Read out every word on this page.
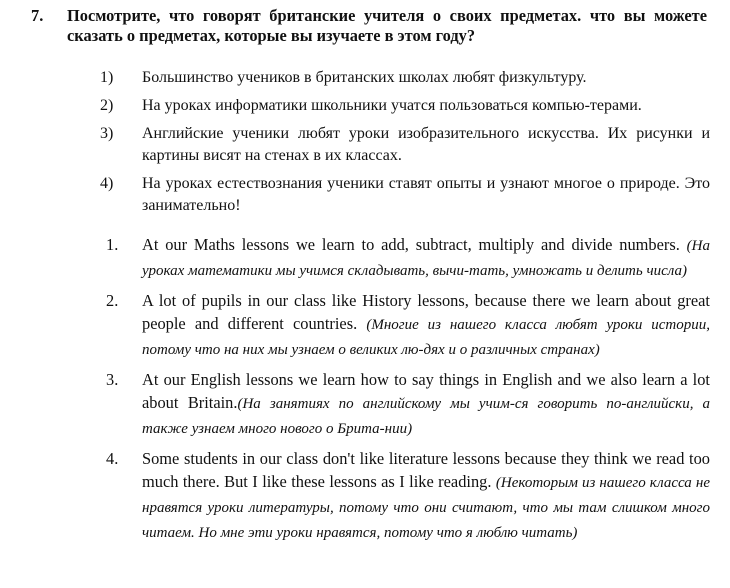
7. Посмотрите, что говорят британские учителя о своих предметах. что вы можете сказать о предметах, которые вы изучаете в этом году?
1) Большинство учеников в британских школах любят физкультуру.
2) На уроках информатики школьники учатся пользоваться компью-терами.
3) Английские ученики любят уроки изобразительного искусства. Их рисунки и картины висят на стенах в их классах.
4) На уроках естествознания ученики ставят опыты и узнают многое о природе. Это занимательно!
1. At our Maths lessons we learn to add, subtract, multiply and divide numbers. (На уроках математики мы учимся складывать, вычи-тать, умножать и делить числа)
2. A lot of pupils in our class like History lessons, because there we learn about great people and different countries. (Многие из нашего класса любят уроки истории, потому что на них мы узнаем о великих лю-дях и о различных странах)
3. At our English lessons we learn how to say things in English and we also learn a lot about Britain.(На занятиях по английскому мы учим-ся говорить по-английски, а также узнаем много нового о Брита-нии)
4. Some students in our class don't like literature lessons because they think we read too much there. But I like these lessons as I like reading. (Некоторым из нашего класса не нравятся уроки литературы, потому что они считают, что мы там слишком много читаем. Но мне эти уроки нравятся, потому что я люблю читать)
